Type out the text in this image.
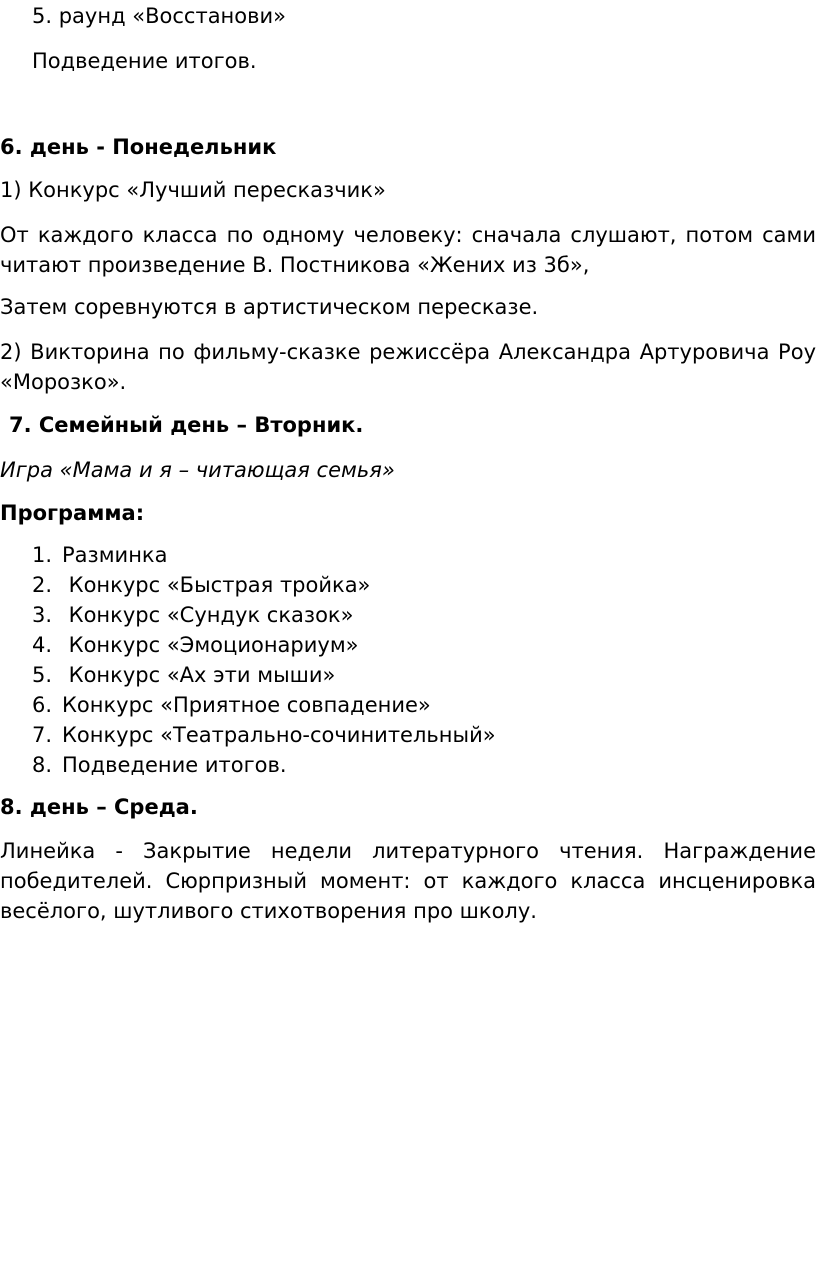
5. раунд «Восстанови»
Подведение итогов.
6. день - Понедельник
1) Конкурс «Лучший пересказчик»
От каждого класса по одному человеку: сначала слушают, потом сами читают произведение В. Постникова «Жених из 3б»,
Затем соревнуются в артистическом пересказе.
2) Викторина по фильму-сказке режиссёра Александра Артуровича Роу «Морозко».
7. Семейный день – Вторник.
Игра «Мама и я – читающая семья»
Программа:
1. Разминка
2. Конкурс «Быстрая тройка»
3. Конкурс «Сундук сказок»
4. Конкурс «Эмоционариум»
5. Конкурс «Ах эти мыши»
6. Конкурс «Приятное совпадение»
7. Конкурс «Театрально-сочинительный»
8. Подведение итогов.
8. день – Среда.
Линейка - Закрытие недели литературного чтения. Награждение победителей. Сюрпризный момент: от каждого класса инсценировка весёлого, шутливого стихотворения про школу.
